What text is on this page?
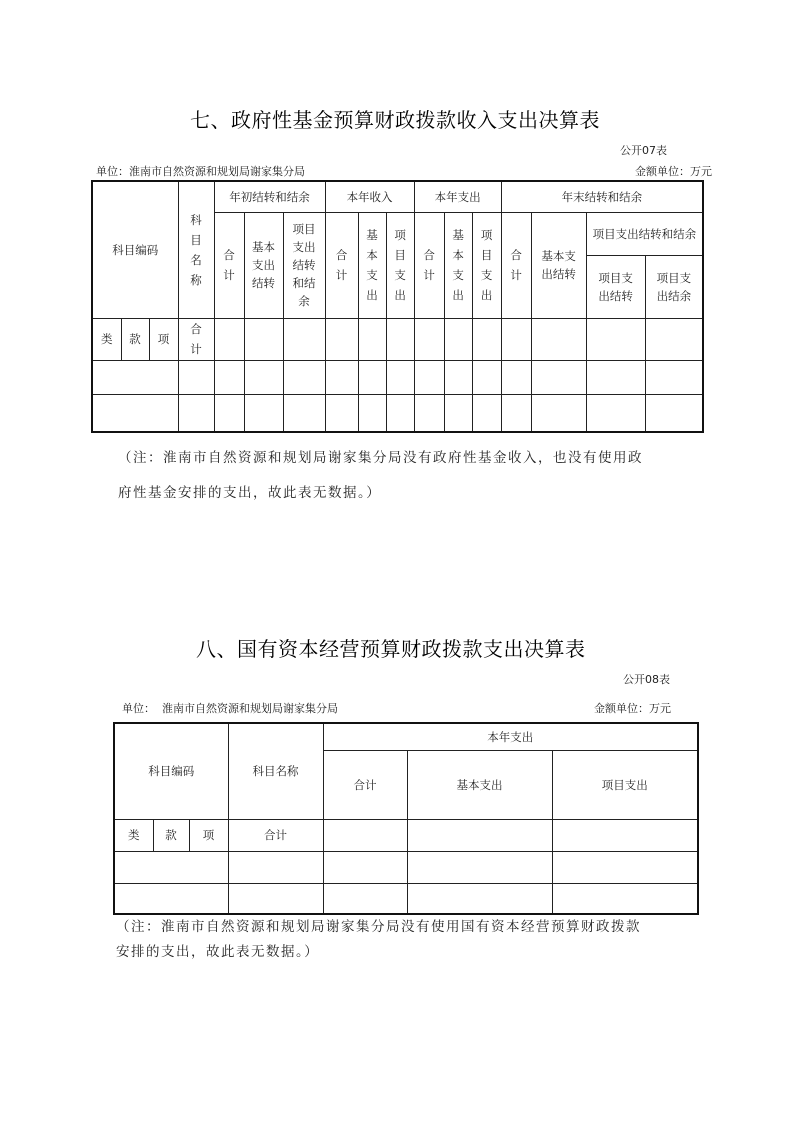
七、政府性基金预算财政拨款收入支出决算表
公开07表
单位：淮南市自然资源和规划局谢家集分局	金额单位：万元
科目编码			科目名称	年初结转和结余			本年收入			本年支出			年末结转和结余			
				合计	基本支出结转	项目支出结转和结余	合计	基本支出	项目支出	合计	基本支出	项目支出	合计	基本支出结转	项目支出结转和结余	
															项目支出结转	项目支出结余
类	款	项	合计													

（注：淮南市自然资源和规划局谢家集分局没有政府性基金收入，也没有使用政
府性基金安排的支出，故此表无数据。）
八、国有资本经营预算财政拨款支出决算表
公开08表
单位：  淮南市自然资源和规划局谢家集分局	金额单位：万元
科目编码			科目名称	本年支出		
				合计	基本支出	项目支出
类	款	项	合计			

（注：淮南市自然资源和规划局谢家集分局没有使用国有资本经营预算财政拨款
安排的支出，故此表无数据。）
